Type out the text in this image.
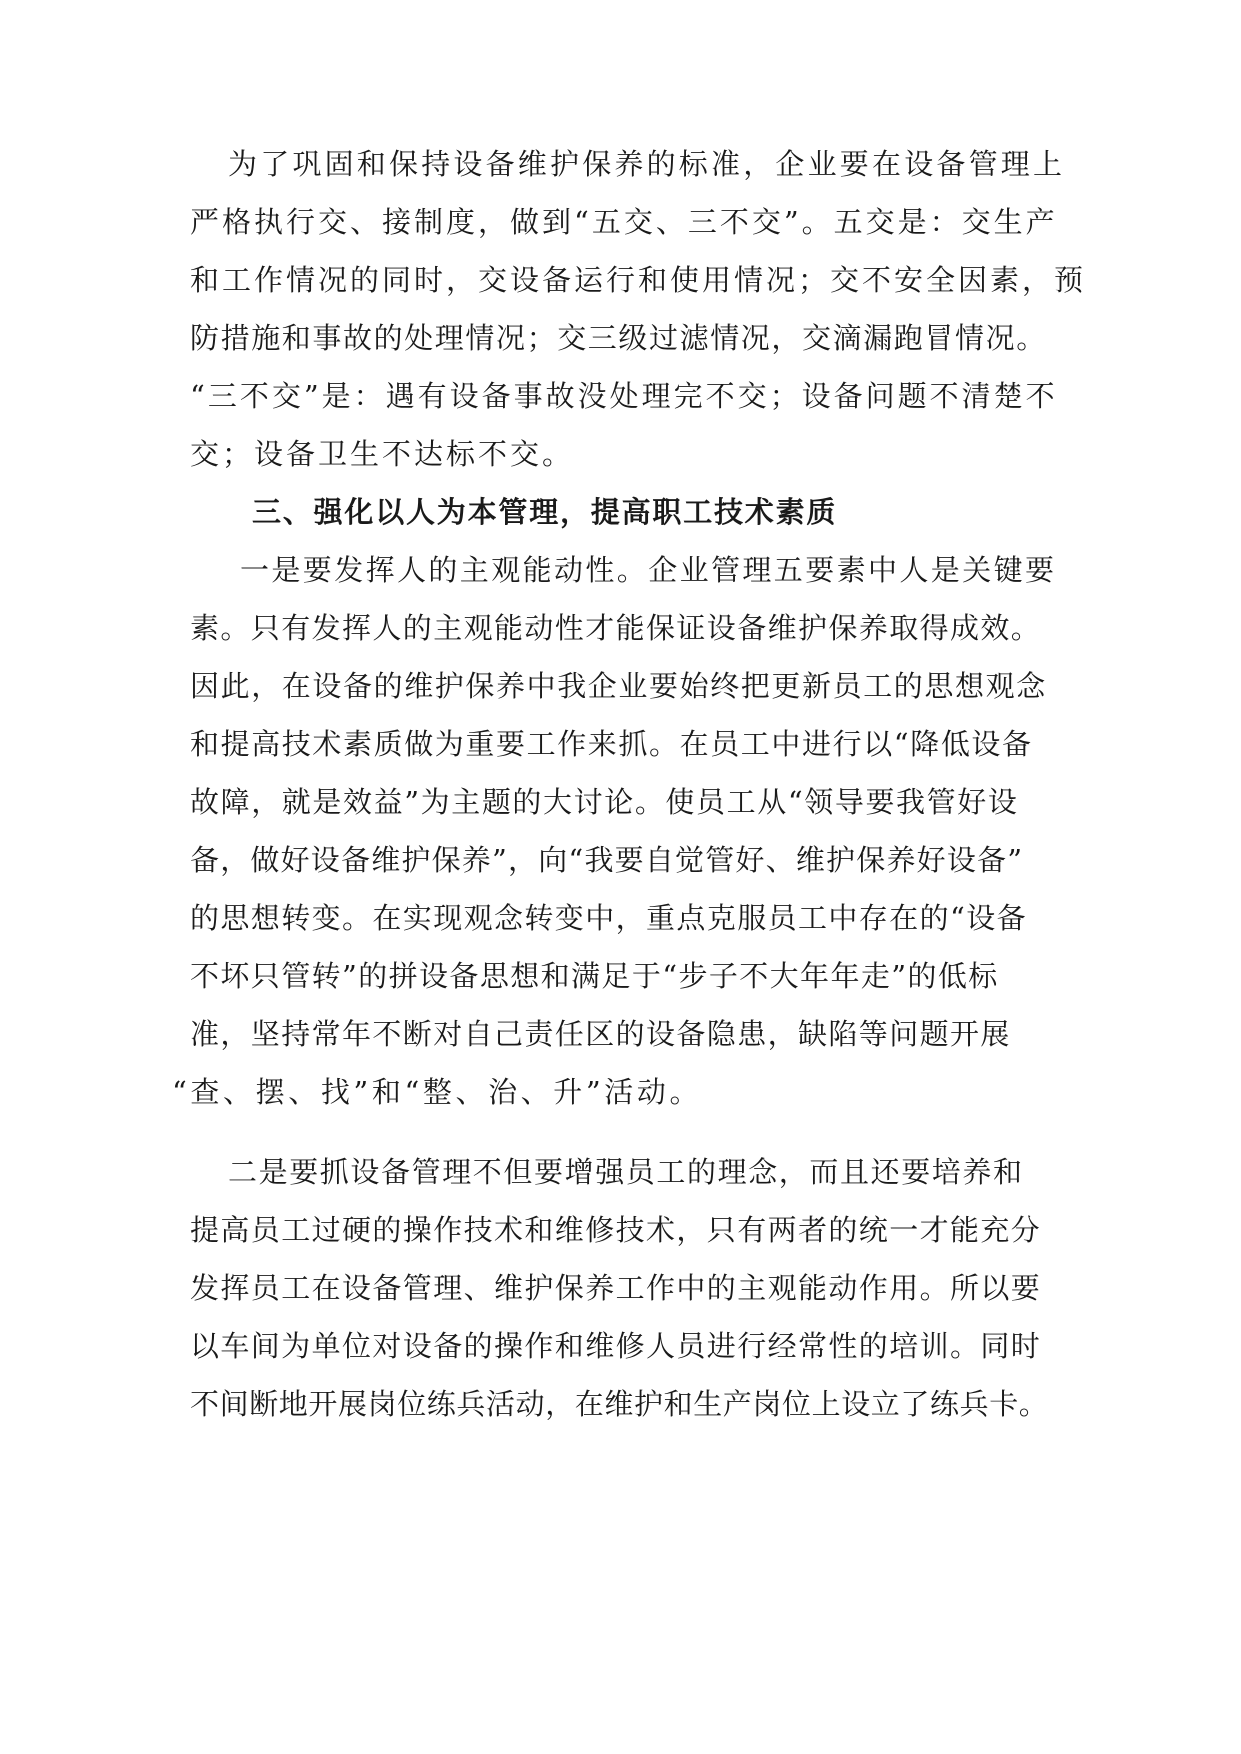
为了巩固和保持设备维护保养的标准，企业要在设备管理上
严格执行交、接制度，做到“五交、三不交”。五交是：交生产
和工作情况的同时，交设备运行和使用情况；交不安全因素，预
防措施和事故的处理情况；交三级过滤情况，交滴漏跑冒情况。
“三不交”是：遇有设备事故没处理完不交；设备问题不清楚不
交；设备卫生不达标不交。
三、强化以人为本管理，提高职工技术素质
一是要发挥人的主观能动性。企业管理五要素中人是关键要
素。只有发挥人的主观能动性才能保证设备维护保养取得成效。
因此，在设备的维护保养中我企业要始终把更新员工的思想观念
和提高技术素质做为重要工作来抓。在员工中进行以“降低设备
故障，就是效益”为主题的大讨论。使员工从“领导要我管好设
备，做好设备维护保养”，向“我要自觉管好、维护保养好设备”
的思想转变。在实现观念转变中，重点克服员工中存在的“设备
不坏只管转”的拼设备思想和满足于“步子不大年年走”的低标
准，坚持常年不断对自己责任区的设备隐患，缺陷等问题开展
“查、摆、找”和“整、治、升”活动。
二是要抓设备管理不但要增强员工的理念，而且还要培养和
提高员工过硬的操作技术和维修技术，只有两者的统一才能充分
发挥员工在设备管理、维护保养工作中的主观能动作用。所以要
以车间为单位对设备的操作和维修人员进行经常性的培训。同时
不间断地开展岗位练兵活动，在维护和生产岗位上设立了练兵卡。
